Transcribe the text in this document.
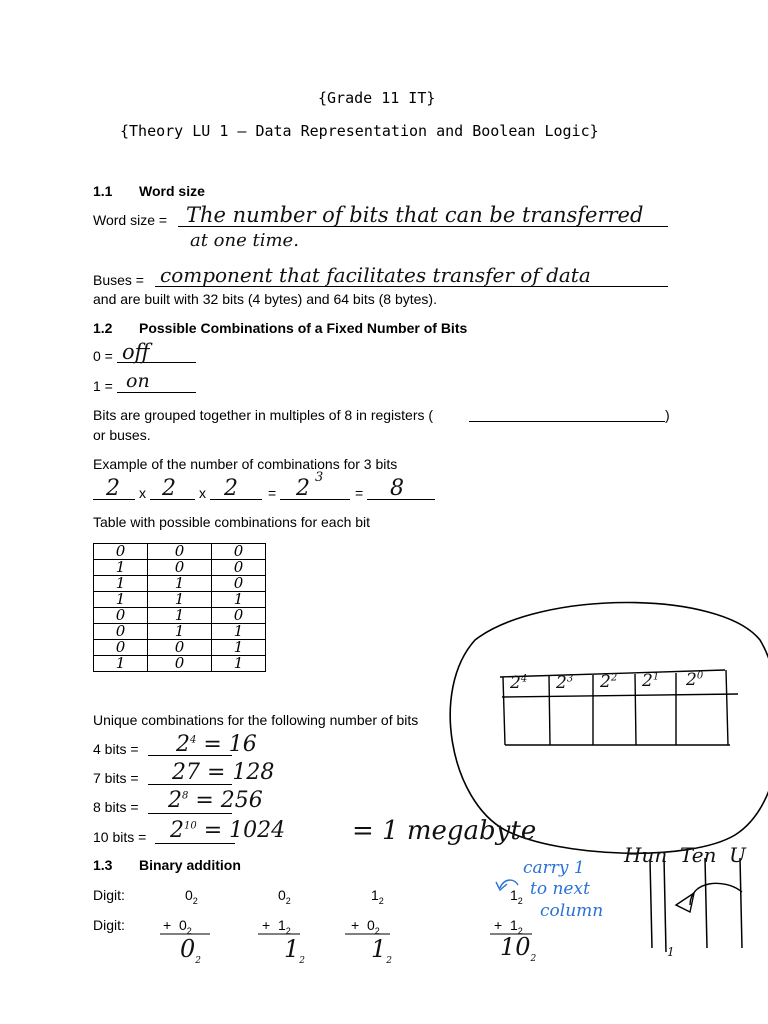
{Grade 11 IT}
{Theory LU 1 – Data Representation and Boolean Logic}
1.1 Word size
Word size = The number of bits that can be transferred
at one time.
Buses = component that facilitates transfer of data
and are built with 32 bits (4 bytes) and 64 bits (8 bytes).
1.2 Possible Combinations of a Fixed Number of Bits
0 = off
1 = on
Bits are grouped together in multiples of 8 in registers (	)
or buses.
Example of the number of combinations for 3 bits
2 x 2 x 2 = 2 3
= 8
Table with possible combinations for each bit
0	0	0
1	0	0
1	1	0
1	1	1
0	1	0
0	1	1
0	0	1
1	0	1
$2^4$ $2^3$ $2^2$ $2^1$ $2^0$
Unique combinations for the following number of bits
4 bits = $2^4 = 16$
7 bits = 27 = 128
8 bits = $2^8 = 256$
10 bits = $2^{10} = 1024$	= 1 megabyte
1.3 Binary addition
Digit:	$0_2$	$0_2$	$1_2$	$1_2$
Digit:	+  $0_2$	+  $1_2$	+  $0_2$	+  $1_2$
$0_2$	$1_2$	$1_2$	$10_2$
carry 1
to next
column
Hun  Ten  U
1
